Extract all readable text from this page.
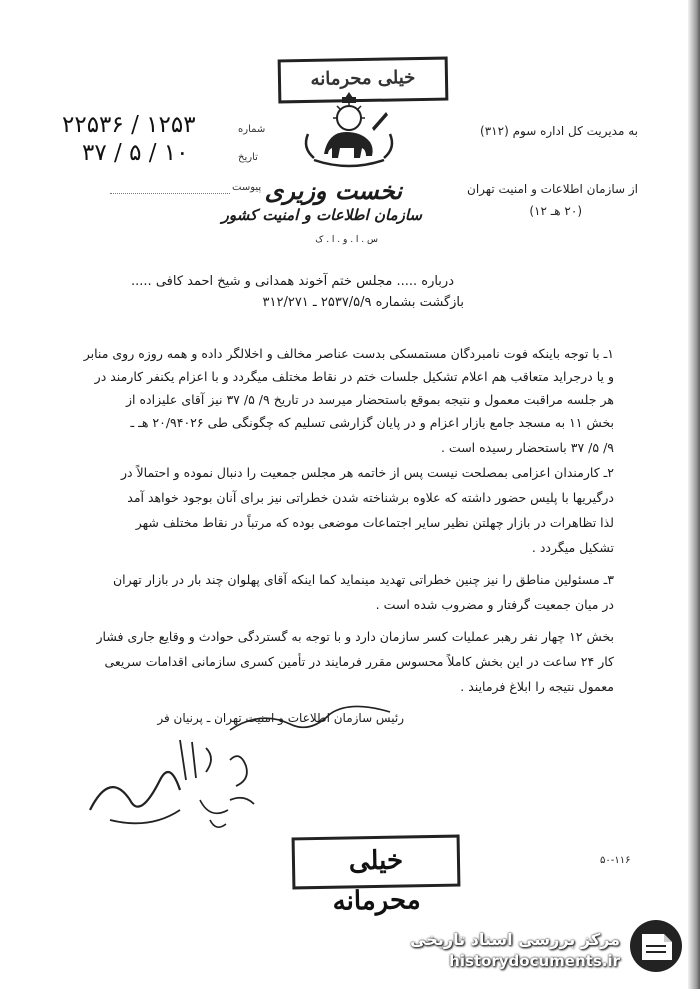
خیلی محرمانه
شماره
۲۲۵۳۶ / ۱۲۵۳
تاریخ
۳۷ / ۵ / ۱۰
پیوست نخست وزیری
سازمان اطلاعات و امنیت کشور
س . ا . و . ا . ک
به مدیریت کل اداره سوم (۳۱۲)
از سازمان اطلاعات و امنیت تهران
(۲۰ هـ ۱۲)
درباره ..... مجلس ختم آخوند همدانی و شیخ احمد کافی .....
بازگشت بشماره ۲۵۳۷/۵/۹ ـ ۳۱۲/۲۷۱
۱ـ با توجه باینکه فوت نامبردگان مستمسکی بدست عناصر مخالف و اخلالگر داده و همه روزه روی منابر
و یا درجراید متعاقب هم اعلام تشکیل جلسات ختم در نقاط مختلف میگردد و با اعزام یکنفر کارمند در
هر جلسه مراقبت معمول و نتیجه بموقع باستحضار میرسد در تاریخ ۹/ ۵/ ۳۷ نیز آقای علیزاده از
بخش ۱۱ به مسجد جامع بازار اعزام و در پایان گزارشی تسلیم که چگونگی طی ۲۰/۹۴۰۲۶ هـ ـ
۹/ ۵/ ۳۷ باستحضار رسیده است .
۲ـ کارمندان اعزامی بمصلحت نیست پس از خاتمه هر مجلس جمعیت را دنبال نموده و احتمالاً در
درگیریها با پلیس حضور داشته که علاوه برشناخته شدن خطراتی نیز برای آنان بوجود خواهد آمد
لذا تظاهرات در بازار چهلتن نظیر سایر اجتماعات موضعی بوده که مرتباً در نقاط مختلف شهر
تشکیل میگردد .
۳ـ مسئولین مناطق را نیز چنین خطراتی تهدید مینماید کما اینکه آقای پهلوان چند بار در بازار تهران
در میان جمعیت گرفتار و مضروب شده است .
بخش ۱۲ چهار نفر رهبر عملیات کسر سازمان دارد و با توجه به گستردگی حوادث و وقایع جاری فشار
کار ۲۴ ساعت در این بخش کاملاً محسوس مقرر فرمایند در تأمین کسری سازمانی اقدامات سریعی
معمول نتیجه را ابلاغ فرمایند .
رئیس سازمان اطلاعات و امنیت تهران ـ پرنیان فر
خیلی محرمانه
۵۰-۱۱۶
مرکز بررسی اسناد تاریخی
historydocuments.ir
